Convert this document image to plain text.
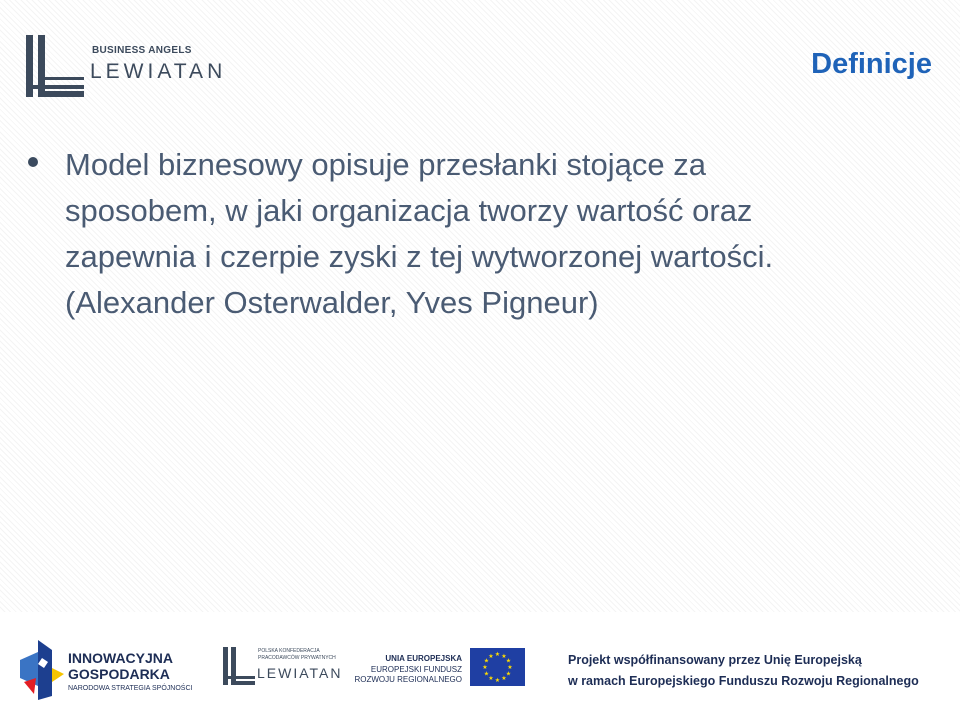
BUSINESS ANGELS
LEWIATAN	Definicje
Model biznesowy opisuje przesłanki stojące za sposobem, w jaki organizacja tworzy wartość oraz zapewnia i czerpie zyski z tej wytworzonej wartości. (Alexander Osterwalder, Yves Pigneur)
INNOWACYJNA
GOSPODARKA
NARODOWA STRATEGIA SPÓJNOŚCI
POLSKA KONFEDERACJA
PRACODAWCÓW PRYWATNYCH
LEWIATAN
UNIA EUROPEJSKA
EUROPEJSKI FUNDUSZ
ROZWOJU REGIONALNEGO
★ ★
★
★
★
★
★
★
★
★
★
★	Projekt współfinansowany przez Unię Europejską
w ramach Europejskiego Funduszu Rozwoju Regionalnego
